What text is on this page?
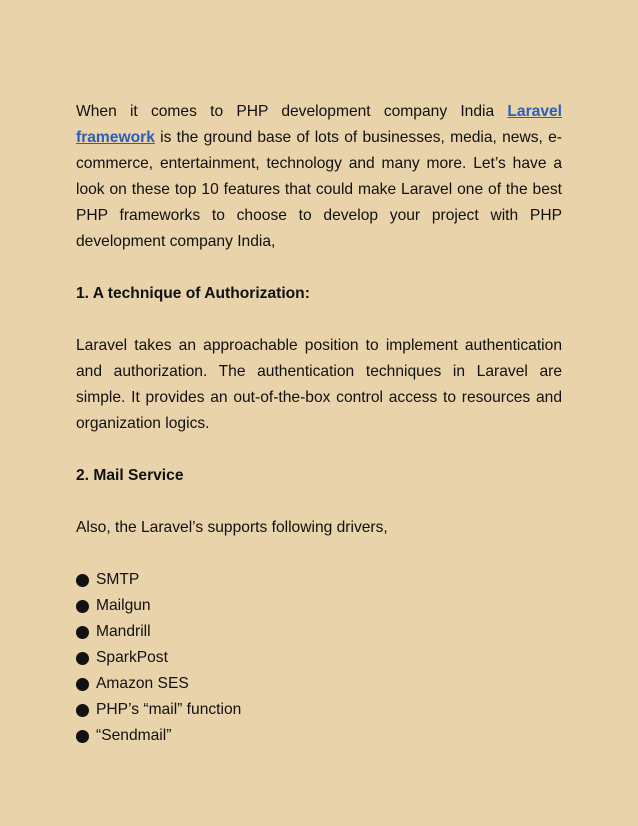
When it comes to PHP development company India Laravel framework is the ground base of lots of businesses, media, news, e-commerce, entertainment, technology and many more. Let’s have a look on these top 10 features that could make Laravel one of the best PHP frameworks to choose to develop your project with PHP development company India,

1. A technique of Authorization:

Laravel takes an approachable position to implement authentication and authorization. The authentication techniques in Laravel are simple. It provides an out-of-the-box control access to resources and organization logics.

2. Mail Service

Also, the Laravel’s supports following drivers,

SMTP
Mailgun
Mandrill
SparkPost
Amazon SES
PHP’s “mail” function
“Sendmail”
